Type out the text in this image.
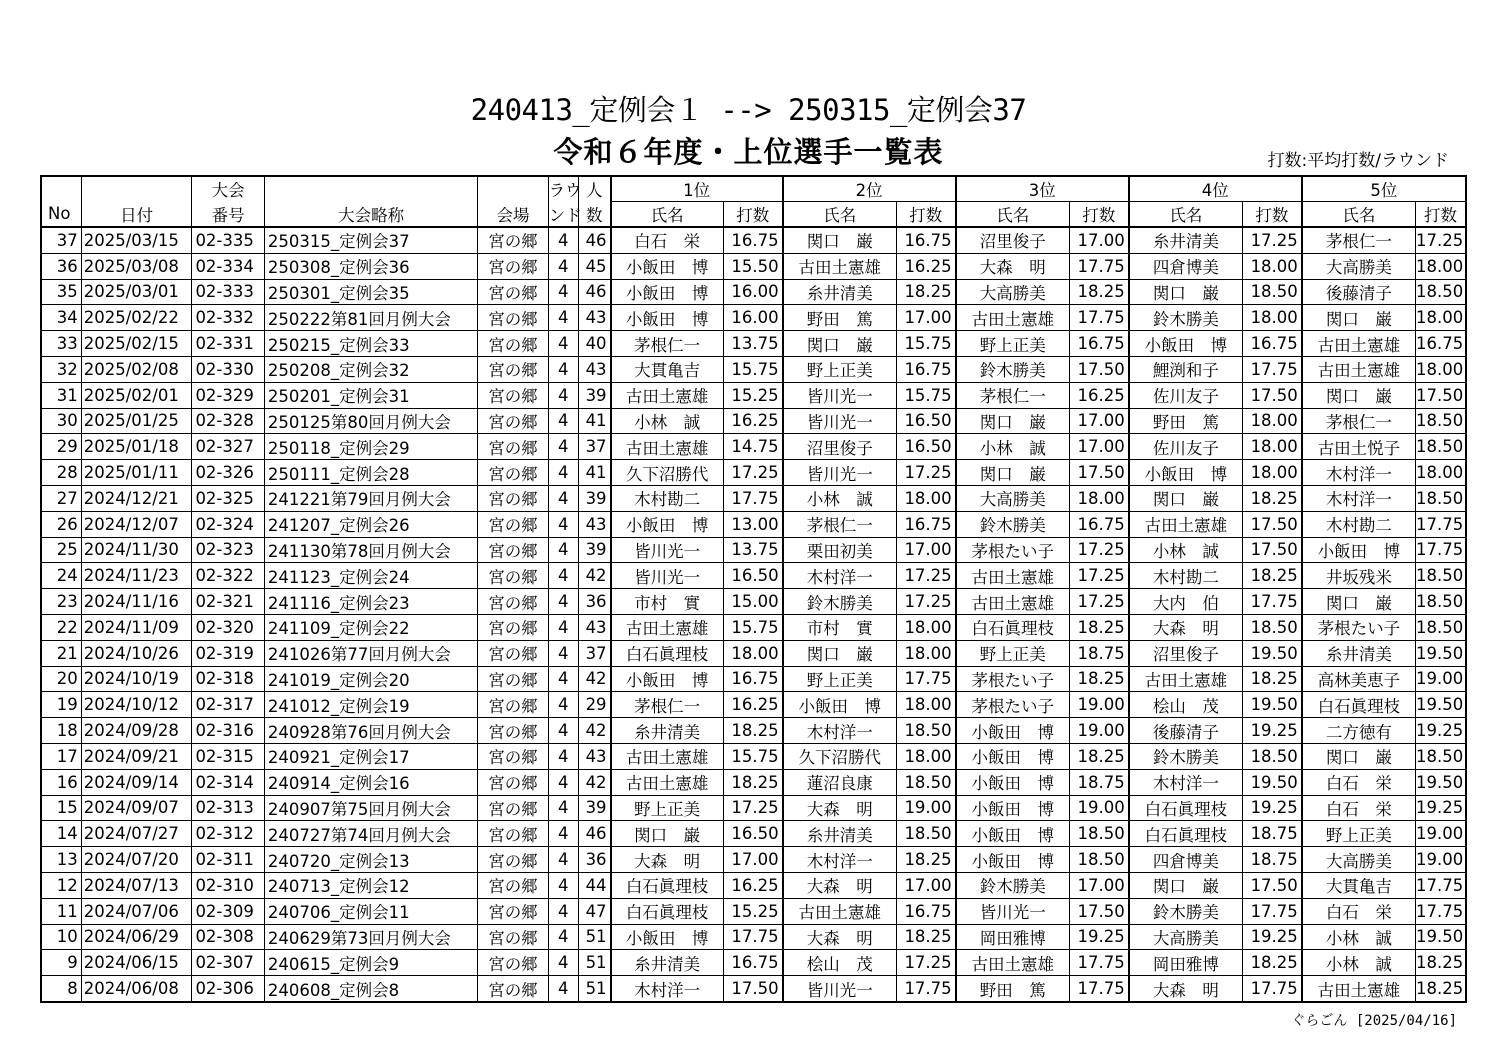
240413_定例会１ --> 250315_定例会37
令和６年度・上位選手一覧表	打数:平均打数/ラウンド
		大会			ラウ	人	1位		2位		3位		4位		5位	
No	日付	番号	大会略称	会場	ンド	数	氏名	打数	氏名	打数	氏名	打数	氏名	打数	氏名	打数
37	2025/03/15	02-335	250315_定例会37	宮の郷	4	46	白石　栄	16.75	関口　巌	16.75	沼里俊子	17.00	糸井清美	17.25	茅根仁一	17.25
36	2025/03/08	02-334	250308_定例会36	宮の郷	4	45	小飯田　博	15.50	古田土憲雄	16.25	大森　明	17.75	四倉博美	18.00	大高勝美	18.00
35	2025/03/01	02-333	250301_定例会35	宮の郷	4	46	小飯田　博	16.00	糸井清美	18.25	大高勝美	18.25	関口　巌	18.50	後藤清子	18.50
34	2025/02/22	02-332	250222第81回月例大会	宮の郷	4	43	小飯田　博	16.00	野田　篤	17.00	古田土憲雄	17.75	鈴木勝美	18.00	関口　巌	18.00
33	2025/02/15	02-331	250215_定例会33	宮の郷	4	40	茅根仁一	13.75	関口　巌	15.75	野上正美	16.75	小飯田　博	16.75	古田土憲雄	16.75
32	2025/02/08	02-330	250208_定例会32	宮の郷	4	43	大貫亀吉	15.75	野上正美	16.75	鈴木勝美	17.50	鯉渕和子	17.75	古田土憲雄	18.00
31	2025/02/01	02-329	250201_定例会31	宮の郷	4	39	古田土憲雄	15.25	皆川光一	15.75	茅根仁一	16.25	佐川友子	17.50	関口　巌	17.50
30	2025/01/25	02-328	250125第80回月例大会	宮の郷	4	41	小林　誠	16.25	皆川光一	16.50	関口　巌	17.00	野田　篤	18.00	茅根仁一	18.50
29	2025/01/18	02-327	250118_定例会29	宮の郷	4	37	古田土憲雄	14.75	沼里俊子	16.50	小林　誠	17.00	佐川友子	18.00	古田土悦子	18.50
28	2025/01/11	02-326	250111_定例会28	宮の郷	4	41	久下沼勝代	17.25	皆川光一	17.25	関口　巌	17.50	小飯田　博	18.00	木村洋一	18.00
27	2024/12/21	02-325	241221第79回月例大会	宮の郷	4	39	木村勘二	17.75	小林　誠	18.00	大高勝美	18.00	関口　巌	18.25	木村洋一	18.50
26	2024/12/07	02-324	241207_定例会26	宮の郷	4	43	小飯田　博	13.00	茅根仁一	16.75	鈴木勝美	16.75	古田土憲雄	17.50	木村勘二	17.75
25	2024/11/30	02-323	241130第78回月例大会	宮の郷	4	39	皆川光一	13.75	栗田初美	17.00	茅根たい子	17.25	小林　誠	17.50	小飯田　博	17.75
24	2024/11/23	02-322	241123_定例会24	宮の郷	4	42	皆川光一	16.50	木村洋一	17.25	古田土憲雄	17.25	木村勘二	18.25	井坂残米	18.50
23	2024/11/16	02-321	241116_定例会23	宮の郷	4	36	市村　實	15.00	鈴木勝美	17.25	古田土憲雄	17.25	大内　伯	17.75	関口　巌	18.50
22	2024/11/09	02-320	241109_定例会22	宮の郷	4	43	古田土憲雄	15.75	市村　實	18.00	白石眞理枝	18.25	大森　明	18.50	茅根たい子	18.50
21	2024/10/26	02-319	241026第77回月例大会	宮の郷	4	37	白石眞理枝	18.00	関口　巌	18.00	野上正美	18.75	沼里俊子	19.50	糸井清美	19.50
20	2024/10/19	02-318	241019_定例会20	宮の郷	4	42	小飯田　博	16.75	野上正美	17.75	茅根たい子	18.25	古田土憲雄	18.25	高林美恵子	19.00
19	2024/10/12	02-317	241012_定例会19	宮の郷	4	29	茅根仁一	16.25	小飯田　博	18.00	茅根たい子	19.00	桧山　茂	19.50	白石眞理枝	19.50
18	2024/09/28	02-316	240928第76回月例大会	宮の郷	4	42	糸井清美	18.25	木村洋一	18.50	小飯田　博	19.00	後藤清子	19.25	二方徳有	19.25
17	2024/09/21	02-315	240921_定例会17	宮の郷	4	43	古田土憲雄	15.75	久下沼勝代	18.00	小飯田　博	18.25	鈴木勝美	18.50	関口　巌	18.50
16	2024/09/14	02-314	240914_定例会16	宮の郷	4	42	古田土憲雄	18.25	蓮沼良康	18.50	小飯田　博	18.75	木村洋一	19.50	白石　栄	19.50
15	2024/09/07	02-313	240907第75回月例大会	宮の郷	4	39	野上正美	17.25	大森　明	19.00	小飯田　博	19.00	白石眞理枝	19.25	白石　栄	19.25
14	2024/07/27	02-312	240727第74回月例大会	宮の郷	4	46	関口　巌	16.50	糸井清美	18.50	小飯田　博	18.50	白石眞理枝	18.75	野上正美	19.00
13	2024/07/20	02-311	240720_定例会13	宮の郷	4	36	大森　明	17.00	木村洋一	18.25	小飯田　博	18.50	四倉博美	18.75	大高勝美	19.00
12	2024/07/13	02-310	240713_定例会12	宮の郷	4	44	白石眞理枝	16.25	大森　明	17.00	鈴木勝美	17.00	関口　巌	17.50	大貫亀吉	17.75
11	2024/07/06	02-309	240706_定例会11	宮の郷	4	47	白石眞理枝	15.25	古田土憲雄	16.75	皆川光一	17.50	鈴木勝美	17.75	白石　栄	17.75
10	2024/06/29	02-308	240629第73回月例大会	宮の郷	4	51	小飯田　博	17.75	大森　明	18.25	岡田雅博	19.25	大高勝美	19.25	小林　誠	19.50
9	2024/06/15	02-307	240615_定例会9	宮の郷	4	51	糸井清美	16.75	桧山　茂	17.25	古田土憲雄	17.75	岡田雅博	18.25	小林　誠	18.25
8	2024/06/08	02-306	240608_定例会8	宮の郷	4	51	木村洋一	17.50	皆川光一	17.75	野田　篤	17.75	大森　明	17.75	古田土憲雄	18.25
ぐらごん [2025/04/16]
